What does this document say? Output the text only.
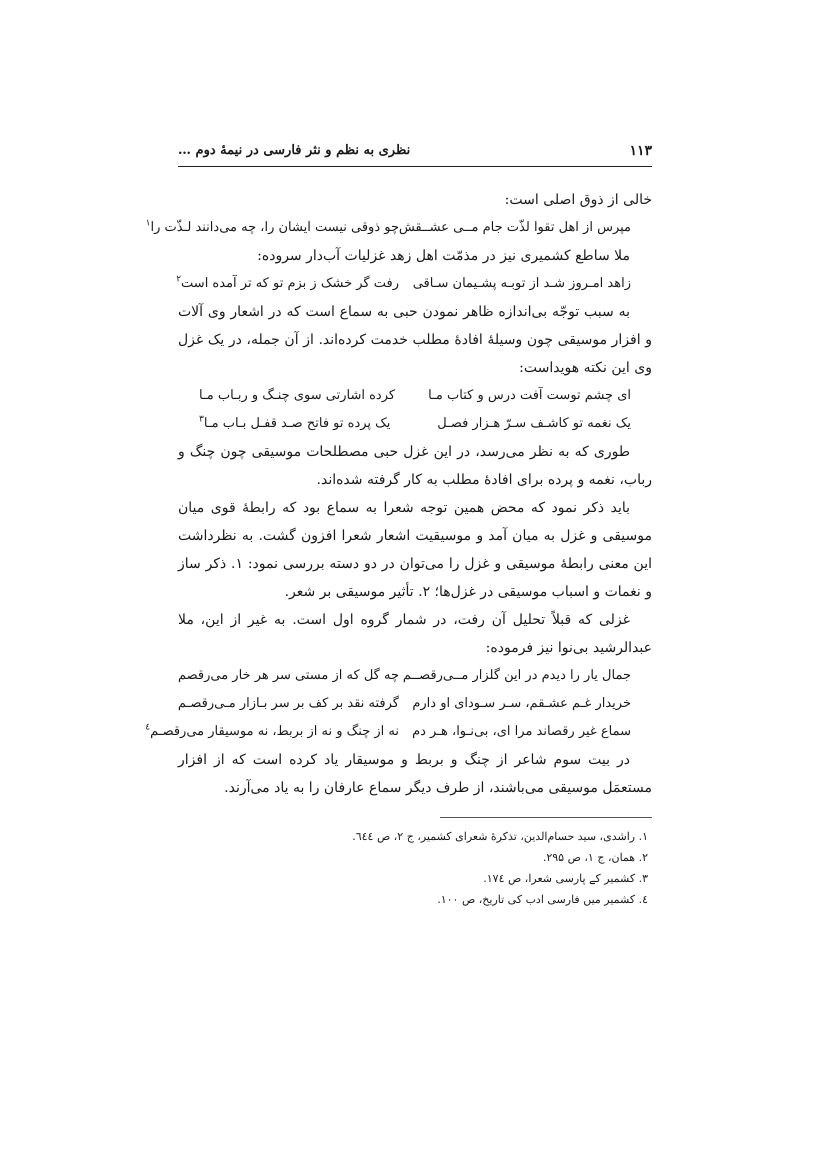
۱۱۳
نظری به نظم و نثر فارسی در نیمهٔ دوم …

خالی از ذوق اصلی است:

مپرس از اهل تقوا لذّت جام مــی عشــقش
چو ذوقی نیست ایشان را، چه می‌دانند لـذّت را$^۱$

ملا ساطع کشمیری نیز در مذمّت اهل زهد غزلیات آب‌دار سروده:

زاهد امـروز شـد از توبـه پشـیمان سـاقی
رفت گر خشک ز بزم تو که تر آمده است$^۲$

به سبب توجّه بی‌اندازه ظاهر نمودن حبی به سماع است که در اشعار وی آلات و افزار موسیقی چون وسیلهٔ افادهٔ مطلب خدمت کرده‌اند. از آن جمله، در یک غزل وی این نکته هویداست:

ای چشم توست آفت درس و کتاب مـا
کرده اشارتی سوی چنـگ و ربـاب مـا
یک نغمه تو کاشـف سـرّ هـزار فصـل
یک پرده تو فاتح صـد قفـل بـاب مـا$^۳$

طوری که به نظر می‌رسد، در این غزل حبی مصطلحات موسیقی چون چنگ و رباب، نغمه و پرده برای افادهٔ مطلب به کار گرفته شده‌اند.

باید ذکر نمود که محض همین توجه شعرا به سماع بود که رابطهٔ قوی میان موسیقی و غزل به میان آمد و موسیقیت اشعار شعرا افزون گشت. به نظرداشت این معنی رابطهٔ موسیقی و غزل را می‌توان در دو دسته بررسی نمود: ۱. ذکر ساز و نغمات و اسباب موسیقی در غزل‌ها؛ ۲. تأثیر موسیقی بر شعر.

غزلی که قبلاً تحلیل آن رفت، در شمار گروه اول است. به غیر از این، ملا عبدالرشید بی‌نوا نیز فرموده:

جمال یار را دیدم در این گلزار مــی‌رقصــم
چه گل که از مستی سر هر خار می‌رقصم
خریدار غـم عشـقم، سـر سـودای او دارم
گرفته نقد بر کف بر سر بـازار مـی‌رقصـم
سماع غیر رقصاند مرا ای، بی‌نـوا، هـر دم
نه از چنگ و نه از بربط، نه موسیقار می‌رقصـم$^٤$

در بیت سوم شاعر از چنگ و بربط و موسیقار یاد کرده است که از افزار مستعمَل موسیقی می‌باشند، از طرف دیگر سماع عارفان را به یاد می‌آرند.

۱. راشدی، سید حسام‌الدین، تذکرهٔ شعرای کشمیر، ج ۲، ص ٦٤٤.

۲. همان، ج ۱، ص ۲۹۵.

۳. کشمیر کے پارسی شعرا، ص ۱۷٤.

٤. کشمیر میں فارسی ادب کی تاریخ، ص ۱۰۰.
